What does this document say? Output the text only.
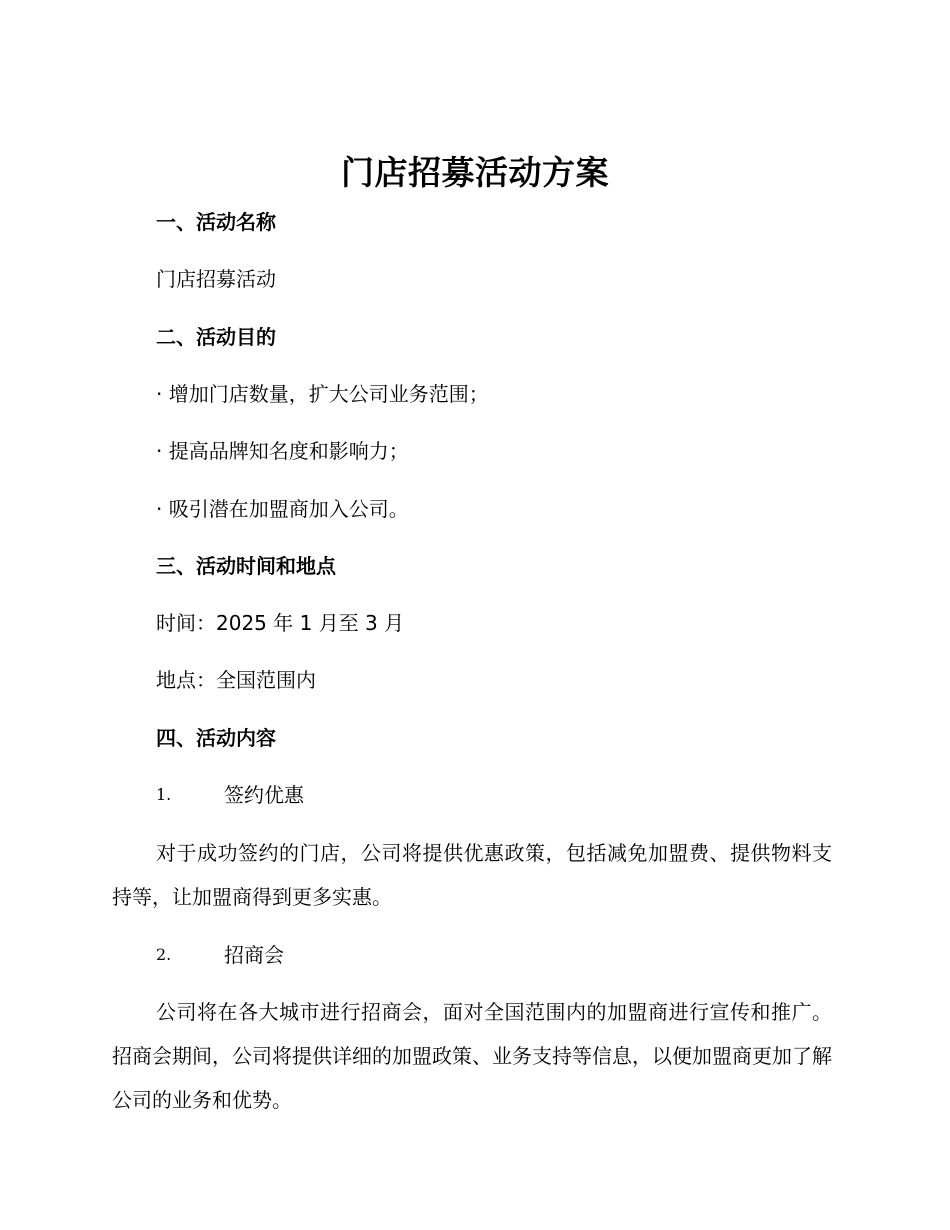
门店招募活动方案
一、活动名称
门店招募活动
二、活动目的
· 增加门店数量，扩大公司业务范围；
· 提高品牌知名度和影响力；
· 吸引潜在加盟商加入公司。
三、活动时间和地点
时间：2025 年 1 月至 3 月
地点：全国范围内
四、活动内容
1.	签约优惠
对于成功签约的门店，公司将提供优惠政策，包括减免加盟费、提供物料支持等，让加盟商得到更多实惠。
2.	招商会
公司将在各大城市进行招商会，面对全国范围内的加盟商进行宣传和推广。招商会期间，公司将提供详细的加盟政策、业务支持等信息，以便加盟商更加了解公司的业务和优势。
